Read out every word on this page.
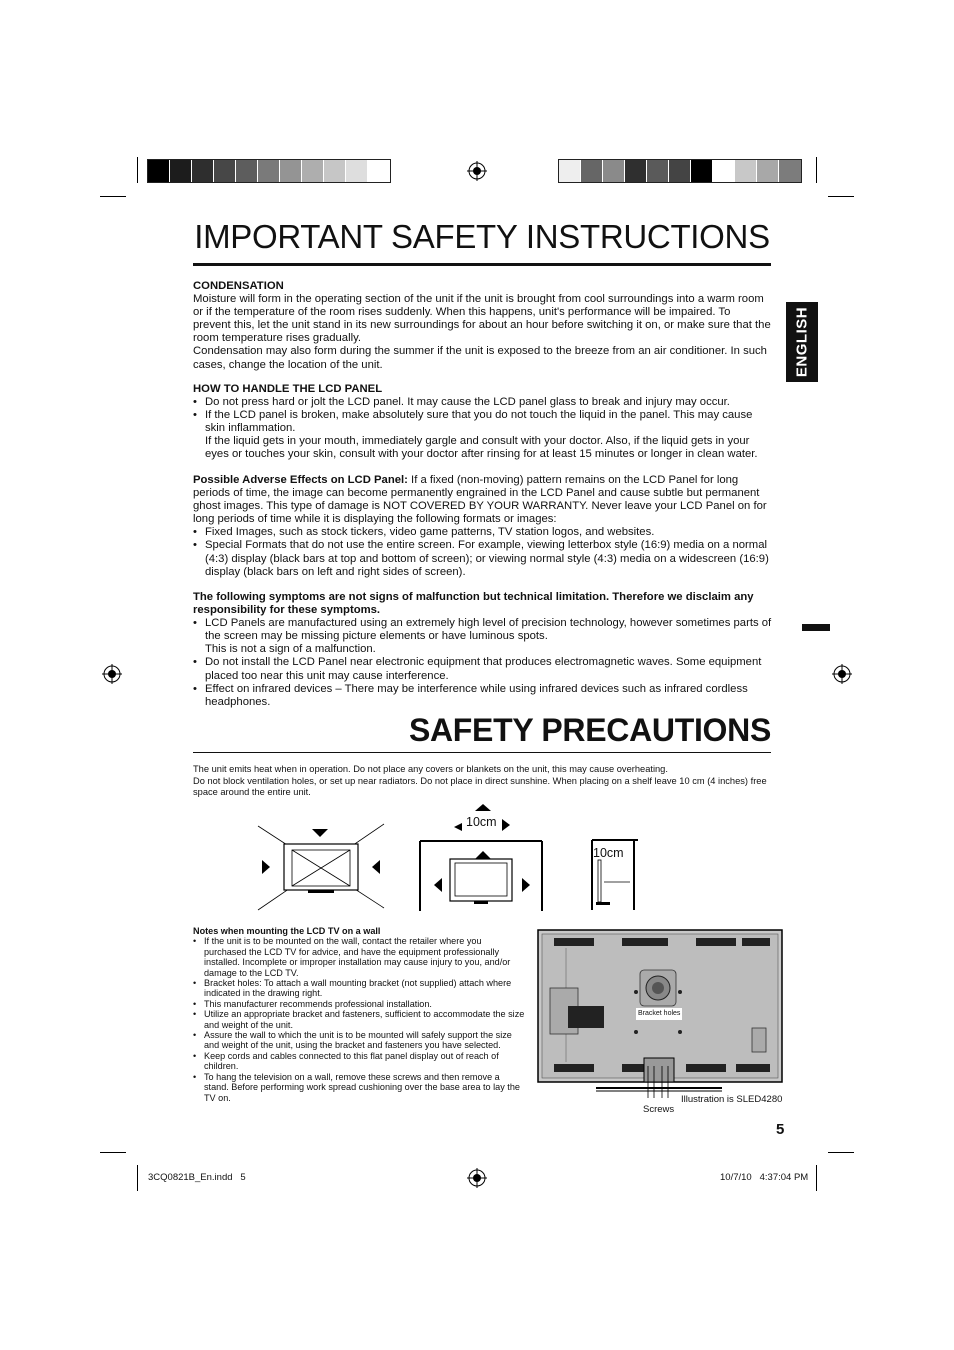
IMPORTANT SAFETY INSTRUCTIONS
ENGLISH
CONDENSATION
Moisture will form in the operating section of the unit if the unit is brought from cool surroundings into a warm room or if the temperature of the room rises suddenly. When this happens, unit's performance will be impaired. To prevent this, let the unit stand in its new surroundings for about an hour before switching it on, or make sure that the room temperature rises gradually.
Condensation may also form during the summer if the unit is exposed to the breeze from an air conditioner. In such cases, change the location of the unit.
HOW TO HANDLE THE LCD PANEL
• Do not press hard or jolt the LCD panel. It may cause the LCD panel glass to break and injury may occur.
• If the LCD panel is broken, make absolutely sure that you do not touch the liquid in the panel. This may cause skin inflammation.
If the liquid gets in your mouth, immediately gargle and consult with your doctor. Also, if the liquid gets in your eyes or touches your skin, consult with your doctor after rinsing for at least 15 minutes or longer in clean water.
Possible Adverse Effects on LCD Panel: If a fixed (non-moving) pattern remains on the LCD Panel for long periods of time, the image can become permanently engrained in the LCD Panel and cause subtle but permanent ghost images. This type of damage is NOT COVERED BY YOUR WARRANTY. Never leave your LCD Panel on for long periods of time while it is displaying the following formats or images:
• Fixed Images, such as stock tickers, video game patterns, TV station logos, and websites.
• Special Formats that do not use the entire screen. For example, viewing letterbox style (16:9) media on a normal (4:3) display (black bars at top and bottom of screen); or viewing normal style (4:3) media on a widescreen (16:9) display (black bars on left and right sides of screen).
The following symptoms are not signs of malfunction but technical limitation. Therefore we disclaim any responsibility for these symptoms.
• LCD Panels are manufactured using an extremely high level of precision technology, however sometimes parts of the screen may be missing picture elements or have luminous spots.
This is not a sign of a malfunction.
• Do not install the LCD Panel near electronic equipment that produces electromagnetic waves. Some equipment placed too near this unit may cause interference.
• Effect on infrared devices – There may be interference while using infrared devices such as infrared cordless headphones.
SAFETY PRECAUTIONS
The unit emits heat when in operation. Do not place any covers or blankets on the unit, this may cause overheating.
Do not block ventilation holes, or set up near radiators. Do not place in direct sunshine. When placing on a shelf leave 10 cm (4 inches) free space around the entire unit.
10cm
10cm
Notes when mounting the LCD TV on a wall
• If the unit is to be mounted on the wall, contact the retailer where you purchased the LCD TV for advice, and have the equipment professionally installed. Incomplete or improper installation may cause injury to you, and/or damage to the LCD TV.
• Bracket holes: To attach a wall mounting bracket (not supplied) attach where indicated in the drawing right.
• This manufacturer recommends professional installation.
• Utilize an appropriate bracket and fasteners, sufficient to accommodate the size and weight of the unit.
• Assure the wall to which the unit is to be mounted will safely support the size and weight of the unit, using the bracket and fasteners you have selected.
• Keep cords and cables connected to this flat panel display out of reach of children.
• To hang the television on a wall, remove these screws and then remove a stand. Before performing work spread cushioning over the base area to lay the TV on.
Bracket holes
Screws
Illustration is SLED4280
5
3CQ0821B_En.indd   5	10/7/10   4:37:04 PM
